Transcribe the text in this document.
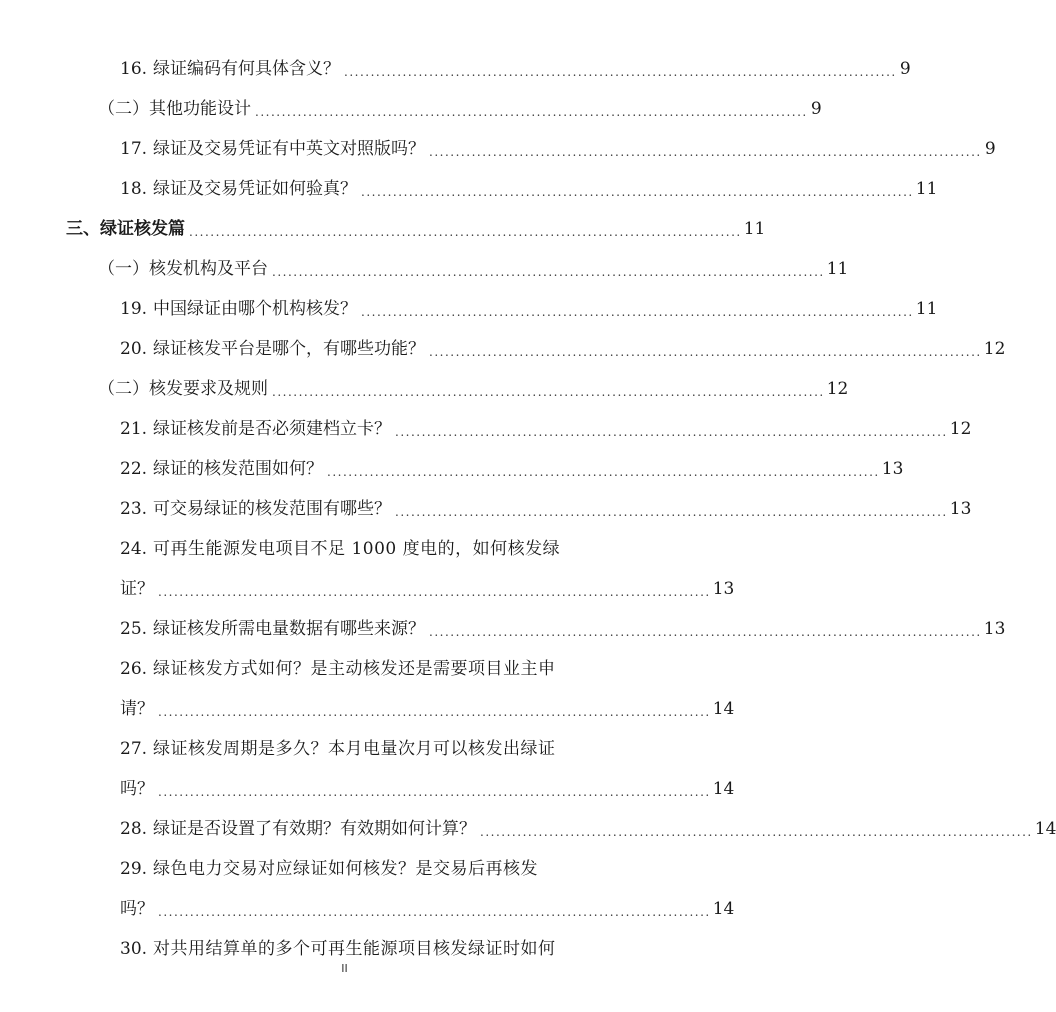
16. 绿证编码有何具体含义？ ........................................................................................................ 9
（二）其他功能设计 ........................................................................................................ 9
17. 绿证及交易凭证有中英文对照版吗？ ........................................................................................................ 9
18. 绿证及交易凭证如何验真？ ........................................................................................................ 11
三、绿证核发篇 ........................................................................................................ 11
（一）核发机构及平台 ........................................................................................................ 11
19. 中国绿证由哪个机构核发？ ........................................................................................................ 11
20. 绿证核发平台是哪个，有哪些功能？ ........................................................................................................ 12
（二）核发要求及规则 ........................................................................................................ 12
21. 绿证核发前是否必须建档立卡？ ........................................................................................................ 12
22. 绿证的核发范围如何？ ........................................................................................................ 13
23. 可交易绿证的核发范围有哪些？ ........................................................................................................ 13
24. 可再生能源发电项目不足 1000 度电的，如何核发绿
证？ ........................................................................................................ 13
25. 绿证核发所需电量数据有哪些来源？ ........................................................................................................ 13
26. 绿证核发方式如何？是主动核发还是需要项目业主申
请？ ........................................................................................................ 14
27. 绿证核发周期是多久？本月电量次月可以核发出绿证
吗？ ........................................................................................................ 14
28. 绿证是否设置了有效期？有效期如何计算？ ........................................................................................................ 14
29. 绿色电力交易对应绿证如何核发？是交易后再核发
吗？ ........................................................................................................ 14
30. 对共用结算单的多个可再生能源项目核发绿证时如何
II
